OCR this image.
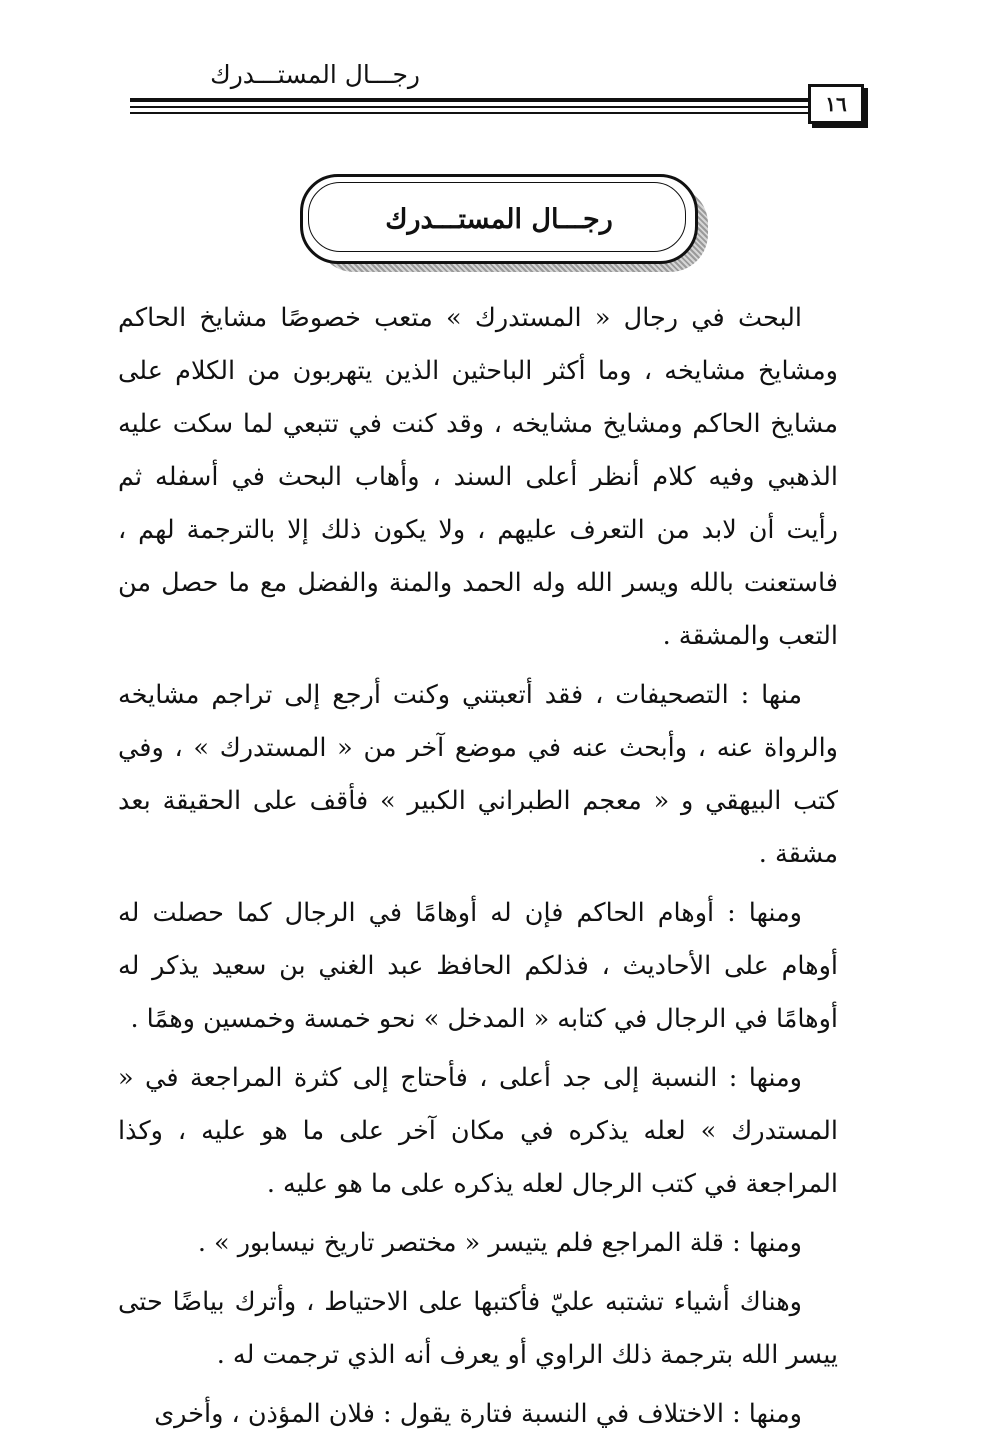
رجـــال المستـــدرك
١٦
رجـــال المستـــدرك

البحث في رجال « المستدرك » متعب خصوصًا مشايخ الحاكم ومشايخ مشايخه ، وما أكثر الباحثين الذين يتهربون من الكلام على مشايخ الحاكم ومشايخ مشايخه ، وقد كنت في تتبعي لما سكت عليه الذهبي وفيه كلام أنظر أعلى السند ، وأهاب البحث في أسفله ثم رأيت أن لابد من التعرف عليهم ، ولا يكون ذلك إلا بالترجمة لهم ، فاستعنت بالله ويسر الله وله الحمد والمنة والفضل مع ما حصل من التعب والمشقة .

منها : التصحيفات ، فقد أتعبتني وكنت أرجع إلى تراجم مشايخه والرواة عنه ، وأبحث عنه في موضع آخر من « المستدرك » ، وفي كتب البيهقي و « معجم الطبراني الكبير » فأقف على الحقيقة بعد مشقة .

ومنها : أوهام الحاكم فإن له أوهامًا في الرجال كما حصلت له أوهام على الأحاديث ، فذلكم الحافظ عبد الغني بن سعيد يذكر له أوهامًا في الرجال في كتابه « المدخل » نحو خمسة وخمسين وهمًا .

ومنها : النسبة إلى جد أعلى ، فأحتاج إلى كثرة المراجعة في « المستدرك » لعله يذكره في مكان آخر على ما هو عليه ، وكذا المراجعة في كتب الرجال لعله يذكره على ما هو عليه .

ومنها : قلة المراجع فلم يتيسر « مختصر تاريخ نيسابور » .

وهناك أشياء تشتبه عليّ فأكتبها على الاحتياط ، وأترك بياضًا حتى ييسر الله بترجمة ذلك الراوي أو يعرف أنه الذي ترجمت له .

ومنها : الاختلاف في النسبة فتارة يقول : فلان المؤذن ، وأخرى
